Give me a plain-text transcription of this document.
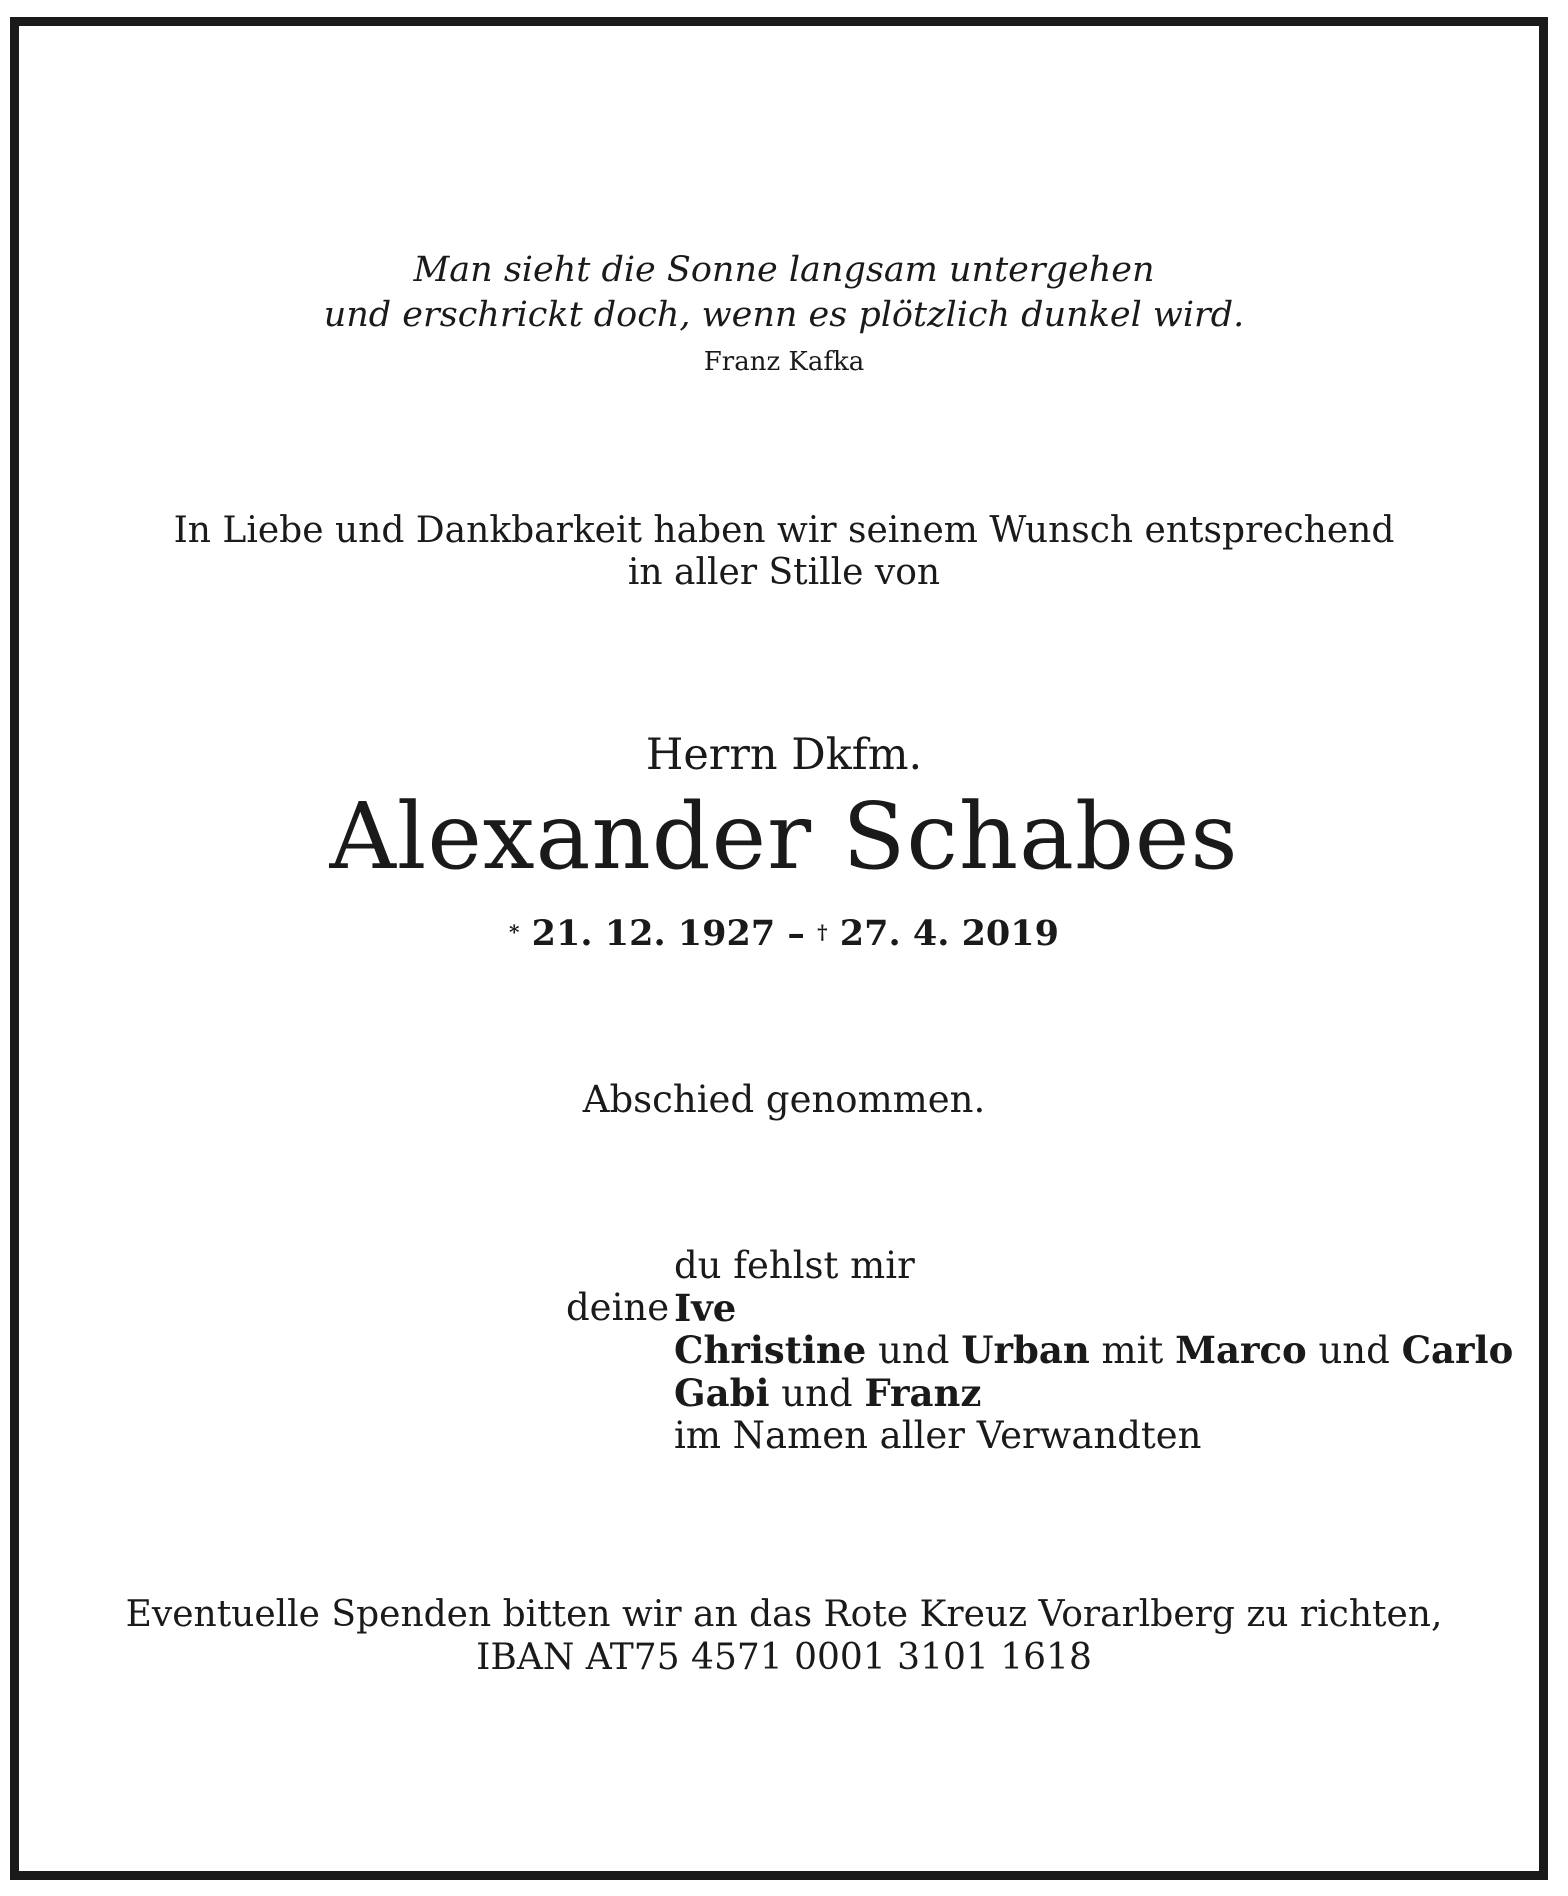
Man sieht die Sonne langsam untergehen
und erschrickt doch, wenn es plötzlich dunkel wird.
Franz Kafka
In Liebe und Dankbarkeit haben wir seinem Wunsch entsprechend
in aller Stille von
Herrn Dkfm.
Alexander Schabes
* 21. 12. 1927 – † 27. 4. 2019
Abschied genommen.
du fehlst mir
deine Ive
Christine und Urban mit Marco und Carlo
Gabi und Franz
im Namen aller Verwandten
Eventuelle Spenden bitten wir an das Rote Kreuz Vorarlberg zu richten,
IBAN AT75 4571 0001 3101 1618
